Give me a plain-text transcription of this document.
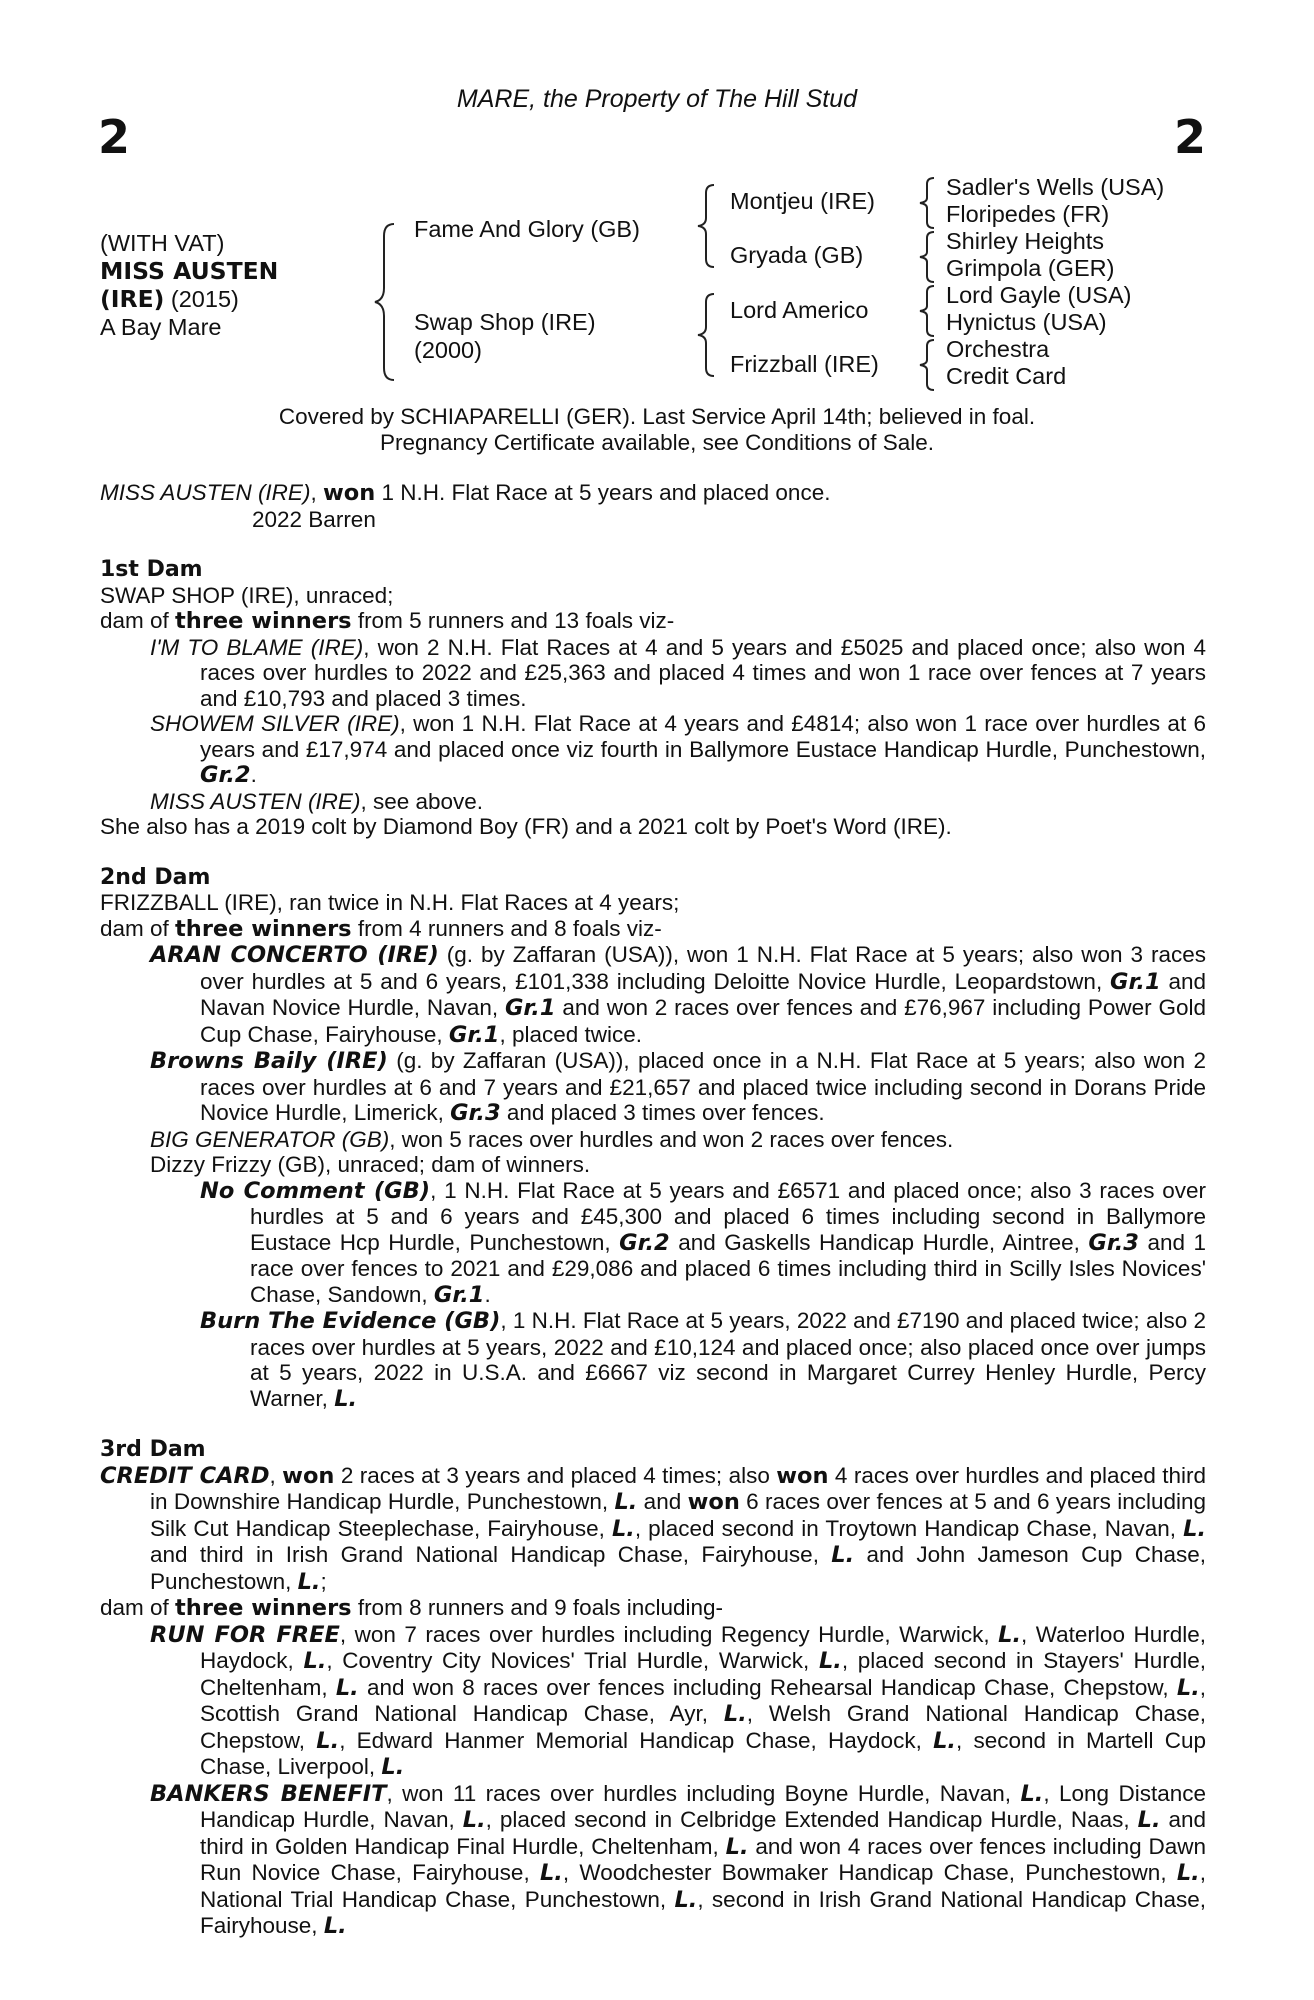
MARE, the Property of The Hill Stud
2	2
(WITH VAT)
MISS AUSTEN
(IRE) (2015)
A Bay Mare
Fame And Glory (GB)
Swap Shop (IRE)
(2000)
Montjeu (IRE)
Gryada (GB)
Lord Americo
Frizzball (IRE)
Sadler's Wells (USA)
Floripedes (FR)
Shirley Heights
Grimpola (GER)
Lord Gayle (USA)
Hynictus (USA)
Orchestra
Credit Card
Covered by SCHIAPARELLI (GER). Last Service April 14th; believed in foal.
Pregnancy Certificate available, see Conditions of Sale.
MISS AUSTEN (IRE), won 1 N.H. Flat Race at 5 years and placed once.
2022 Barren
1st Dam
SWAP SHOP (IRE), unraced;
dam of three winners from 5 runners and 13 foals viz-
I'M TO BLAME (IRE), won 2 N.H. Flat Races at 4 and 5 years and £5025 and placed once; also won 4 races over hurdles to 2022 and £25,363 and placed 4 times and won 1 race over fences at 7 years and £10,793 and placed 3 times.
SHOWEM SILVER (IRE), won 1 N.H. Flat Race at 4 years and £4814; also won 1 race over hurdles at 6 years and £17,974 and placed once viz fourth in Ballymore Eustace Handicap Hurdle, Punchestown, Gr.2.
MISS AUSTEN (IRE), see above.
She also has a 2019 colt by Diamond Boy (FR) and a 2021 colt by Poet's Word (IRE).
2nd Dam
FRIZZBALL (IRE), ran twice in N.H. Flat Races at 4 years;
dam of three winners from 4 runners and 8 foals viz-
ARAN CONCERTO (IRE) (g. by Zaffaran (USA)), won 1 N.H. Flat Race at 5 years; also won 3 races over hurdles at 5 and 6 years, £101,338 including Deloitte Novice Hurdle, Leopardstown, Gr.1 and Navan Novice Hurdle, Navan, Gr.1 and won 2 races over fences and £76,967 including Power Gold Cup Chase, Fairyhouse, Gr.1, placed twice.
Browns Baily (IRE) (g. by Zaffaran (USA)), placed once in a N.H. Flat Race at 5 years; also won 2 races over hurdles at 6 and 7 years and £21,657 and placed twice including second in Dorans Pride Novice Hurdle, Limerick, Gr.3 and placed 3 times over fences.
BIG GENERATOR (GB), won 5 races over hurdles and won 2 races over fences.
Dizzy Frizzy (GB), unraced; dam of winners.
No Comment (GB), 1 N.H. Flat Race at 5 years and £6571 and placed once; also 3 races over hurdles at 5 and 6 years and £45,300 and placed 6 times including second in Ballymore Eustace Hcp Hurdle, Punchestown, Gr.2 and Gaskells Handicap Hurdle, Aintree, Gr.3 and 1 race over fences to 2021 and £29,086 and placed 6 times including third in Scilly Isles Novices' Chase, Sandown, Gr.1.
Burn The Evidence (GB), 1 N.H. Flat Race at 5 years, 2022 and £7190 and placed twice; also 2 races over hurdles at 5 years, 2022 and £10,124 and placed once; also placed once over jumps at 5 years, 2022 in U.S.A. and £6667 viz second in Margaret Currey Henley Hurdle, Percy Warner, L.
3rd Dam
CREDIT CARD, won 2 races at 3 years and placed 4 times; also won 4 races over hurdles and placed third in Downshire Handicap Hurdle, Punchestown, L. and won 6 races over fences at 5 and 6 years including Silk Cut Handicap Steeplechase, Fairyhouse, L., placed second in Troytown Handicap Chase, Navan, L. and third in Irish Grand National Handicap Chase, Fairyhouse, L. and John Jameson Cup Chase, Punchestown, L.;
dam of three winners from 8 runners and 9 foals including-
RUN FOR FREE, won 7 races over hurdles including Regency Hurdle, Warwick, L., Waterloo Hurdle, Haydock, L., Coventry City Novices' Trial Hurdle, Warwick, L., placed second in Stayers' Hurdle, Cheltenham, L. and won 8 races over fences including Rehearsal Handicap Chase, Chepstow, L., Scottish Grand National Handicap Chase, Ayr, L., Welsh Grand National Handicap Chase, Chepstow, L., Edward Hanmer Memorial Handicap Chase, Haydock, L., second in Martell Cup Chase, Liverpool, L.
BANKERS BENEFIT, won 11 races over hurdles including Boyne Hurdle, Navan, L., Long Distance Handicap Hurdle, Navan, L., placed second in Celbridge Extended Handicap Hurdle, Naas, L. and third in Golden Handicap Final Hurdle, Cheltenham, L. and won 4 races over fences including Dawn Run Novice Chase, Fairyhouse, L., Woodchester Bowmaker Handicap Chase, Punchestown, L., National Trial Handicap Chase, Punchestown, L., second in Irish Grand National Handicap Chase, Fairyhouse, L.
